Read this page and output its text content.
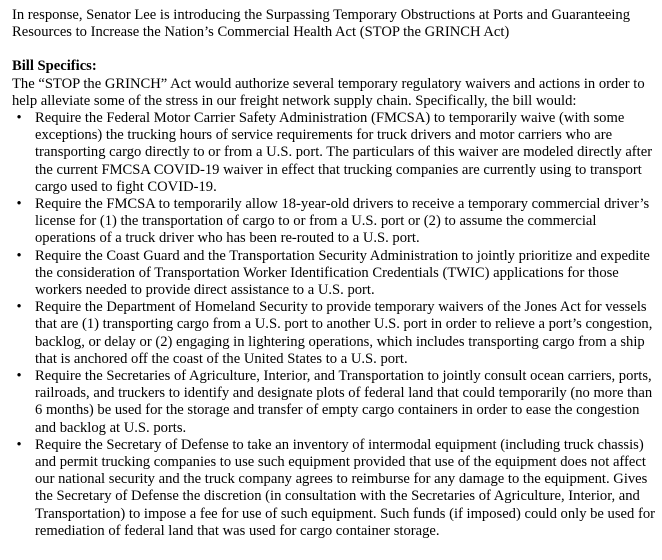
In response, Senator Lee is introducing the Surpassing Temporary Obstructions at Ports and Guaranteeing Resources to Increase the Nation’s Commercial Health Act (STOP the GRINCH Act)

Bill Specifics:

The “STOP the GRINCH” Act would authorize several temporary regulatory waivers and actions in order to help alleviate some of the stress in our freight network supply chain. Specifically, the bill would:

• Require the Federal Motor Carrier Safety Administration (FMCSA) to temporarily waive (with some exceptions) the trucking hours of service requirements for truck drivers and motor carriers who are transporting cargo directly to or from a U.S. port. The particulars of this waiver are modeled directly after the current FMCSA COVID-19 waiver in effect that trucking companies are currently using to transport cargo used to fight COVID-19.
• Require the FMCSA to temporarily allow 18-year-old drivers to receive a temporary commercial driver’s license for (1) the transportation of cargo to or from a U.S. port or (2) to assume the commercial operations of a truck driver who has been re-routed to a U.S. port.
• Require the Coast Guard and the Transportation Security Administration to jointly prioritize and expedite the consideration of Transportation Worker Identification Credentials (TWIC) applications for those workers needed to provide direct assistance to a U.S. port.
• Require the Department of Homeland Security to provide temporary waivers of the Jones Act for vessels that are (1) transporting cargo from a U.S. port to another U.S. port in order to relieve a port’s congestion, backlog, or delay or (2) engaging in lightering operations, which includes transporting cargo from a ship that is anchored off the coast of the United States to a U.S. port.
• Require the Secretaries of Agriculture, Interior, and Transportation to jointly consult ocean carriers, ports, railroads, and truckers to identify and designate plots of federal land that could temporarily (no more than 6 months) be used for the storage and transfer of empty cargo containers in order to ease the congestion and backlog at U.S. ports.
• Require the Secretary of Defense to take an inventory of intermodal equipment (including truck chassis) and permit trucking companies to use such equipment provided that use of the equipment does not affect our national security and the truck company agrees to reimburse for any damage to the equipment. Gives the Secretary of Defense the discretion (in consultation with the Secretaries of Agriculture, Interior, and Transportation) to impose a fee for use of such equipment. Such funds (if imposed) could only be used for remediation of federal land that was used for cargo container storage.
